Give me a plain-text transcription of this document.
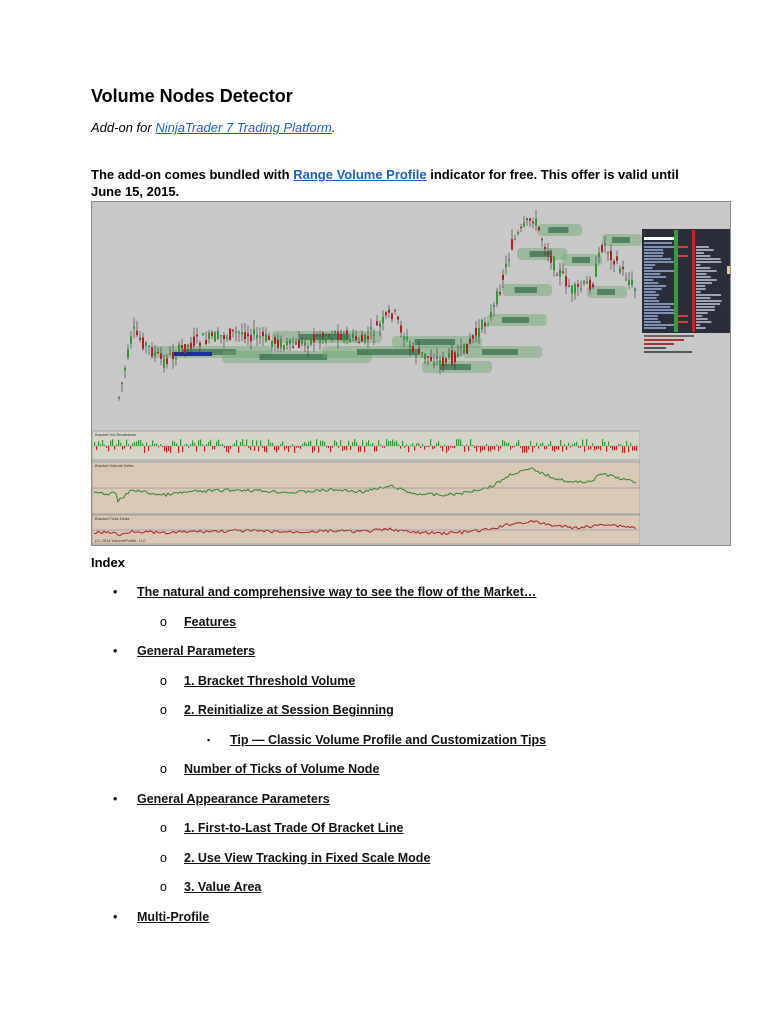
Volume Nodes Detector
Add-on for NinjaTrader 7 Trading Platform.
The add-on comes bundled with Range Volume Profile indicator for free. This offer is valid until June 15, 2015.
Bracket Vol Breakdown
Bracket Volume Delta
Bracket Ticks Delta
(C) 2014 VolumeProfile, LLC
Index
• The natural and comprehensive way to see the flow of the Market…
o Features
• General Parameters
o 1. Bracket Threshold Volume
o 2. Reinitialize at Session Beginning
▪ Tip — Classic Volume Profile and Customization Tips
o Number of Ticks of Volume Node
• General Appearance Parameters
o 1. First-to-Last Trade Of Bracket Line
o 2. Use View Tracking in Fixed Scale Mode
o 3. Value Area
• Multi-Profile
